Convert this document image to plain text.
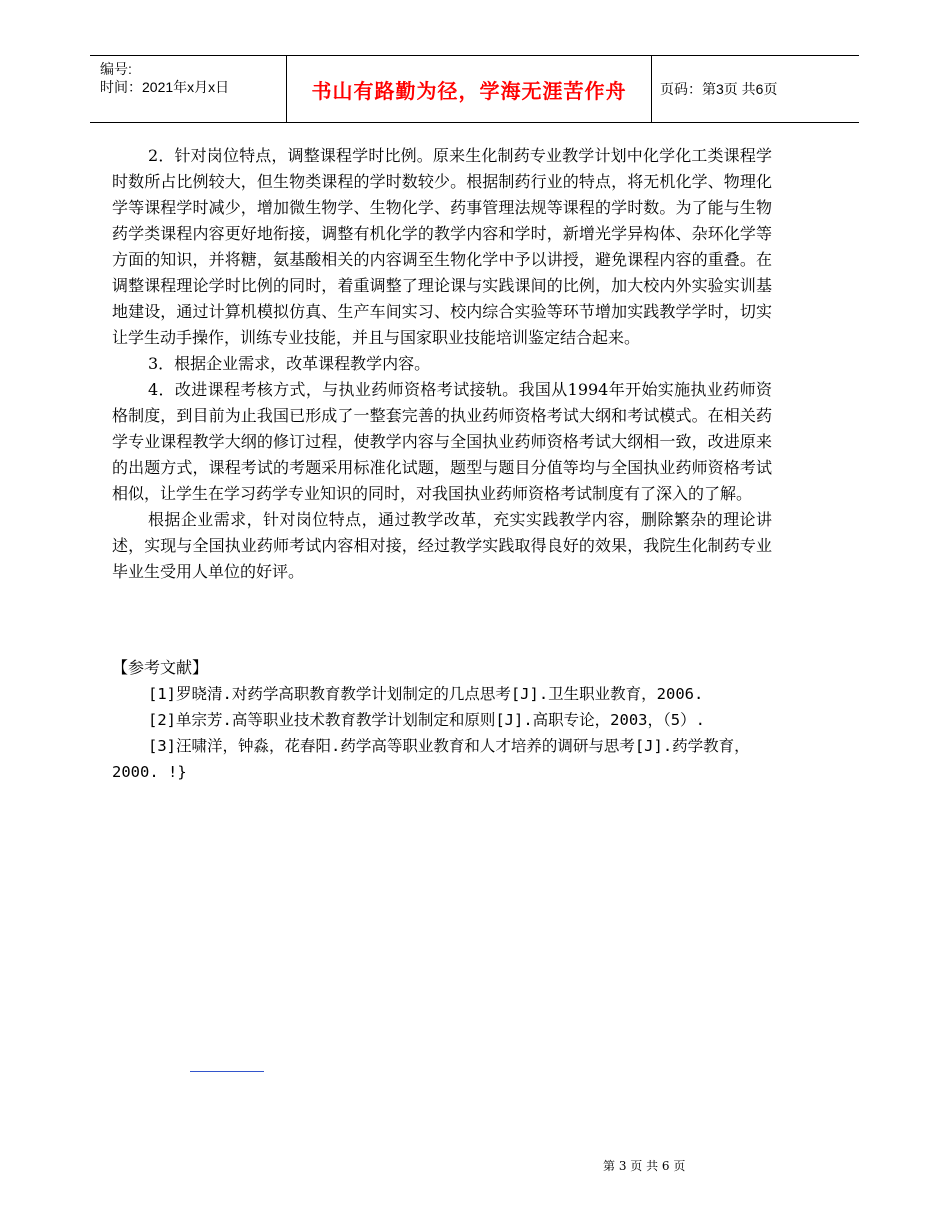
编号:
时间：2021年x月x日	书山有路勤为径，学海无涯苦作舟	页码：第3页 共6页

2．针对岗位特点，调整课程学时比例。原来生化制药专业教学计划中化学化工类课程学时数所占比例较大，但生物类课程的学时数较少。根据制药行业的特点，将无机化学、物理化学等课程学时减少，增加微生物学、生物化学、药事管理法规等课程的学时数。为了能与生物药学类课程内容更好地衔接，调整有机化学的教学内容和学时，新增光学异构体、杂环化学等方面的知识，并将糖，氨基酸相关的内容调至生物化学中予以讲授，避免课程内容的重叠。在调整课程理论学时比例的同时，着重调整了理论课与实践课间的比例，加大校内外实验实训基地建设，通过计算机模拟仿真、生产车间实习、校内综合实验等环节增加实践教学学时，切实让学生动手操作，训练专业技能，并且与国家职业技能培训鉴定结合起来。

3．根据企业需求，改革课程教学内容。

4．改进课程考核方式，与执业药师资格考试接轨。我国从1994年开始实施执业药师资格制度，到目前为止我国已形成了一整套完善的执业药师资格考试大纲和考试模式。在相关药学专业课程教学大纲的修订过程，使教学内容与全国执业药师资格考试大纲相一致，改进原来的出题方式，课程考试的考题采用标准化试题，题型与题目分值等均与全国执业药师资格考试相似，让学生在学习药学专业知识的同时，对我国执业药师资格考试制度有了深入的了解。

根据企业需求，针对岗位特点，通过教学改革，充实实践教学内容，删除繁杂的理论讲述，实现与全国执业药师考试内容相对接，经过教学实践取得良好的效果，我院生化制药专业毕业生受用人单位的好评。

【参考文献】

[1]罗晓清.对药学高职教育教学计划制定的几点思考[J].卫生职业教育，2006.

[2]单宗芳.高等职业技术教育教学计划制定和原则[J].高职专论，2003，（5）.

[3]汪啸洋，钟淼，花春阳.药学高等职业教育和人才培养的调研与思考[J].药学教育，2000. !}

第 3 页 共 6 页
